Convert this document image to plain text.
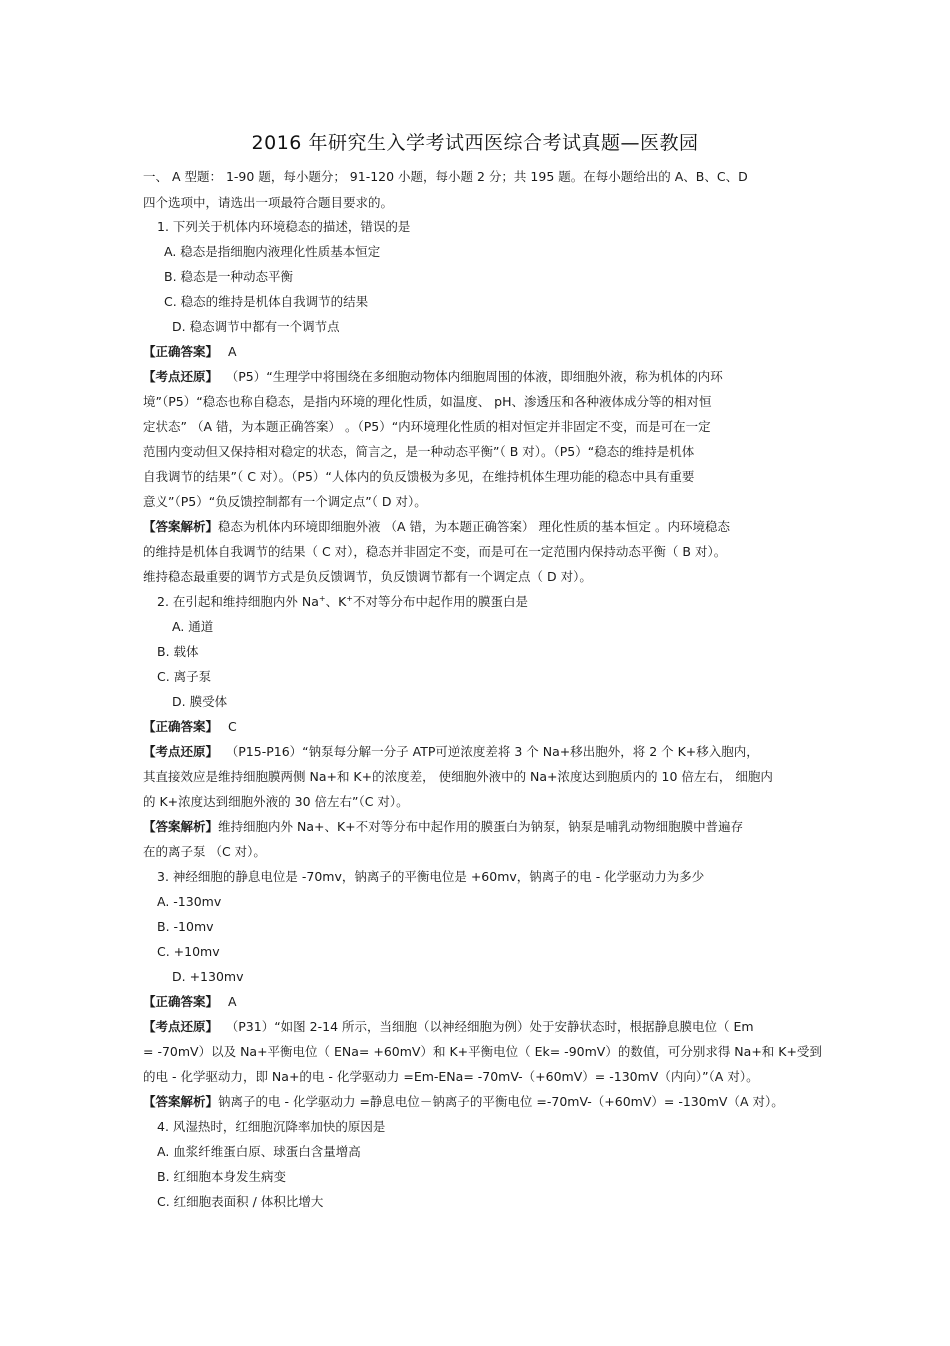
2016 年研究生入学考试西医综合考试真题—医教园
一、 A 型题： 1-90 题，每小题分； 91-120 小题，每小题 2 分；共 195 题。在每小题给出的 A、B、C、D
四个选项中，请选出一项最符合题目要求的。
1. 下列关于机体内环境稳态的描述，错误的是
A. 稳态是指细胞内液理化性质基本恒定
B. 稳态是一种动态平衡
C. 稳态的维持是机体自我调节的结果
D. 稳态调节中都有一个调节点
【正确答案】 A
【考点还原】 （P5）“生理学中将围绕在多细胞动物体内细胞周围的体液，即细胞外液，称为机体的内环
境”（P5）“稳态也称自稳态，是指内环境的理化性质，如温度、 pH、渗透压和各种液体成分等的相对恒
定状态” （A 错，为本题正确答案） 。（P5）“内环境理化性质的相对恒定并非固定不变，而是可在一定
范围内变动但又保持相对稳定的状态，简言之，是一种动态平衡”（ B 对）。（P5）“稳态的维持是机体
自我调节的结果”（ C 对）。（P5）“人体内的负反馈极为多见，在维持机体生理功能的稳态中具有重要
意义”（P5）“负反馈控制都有一个调定点”（ D 对）。
【答案解析】稳态为机体内环境即细胞外液 （A 错，为本题正确答案） 理化性质的基本恒定 。内环境稳态
的维持是机体自我调节的结果（ C 对），稳态并非固定不变，而是可在一定范围内保持动态平衡（ B 对）。
维持稳态最重要的调节方式是负反馈调节，负反馈调节都有一个调定点（ D 对）。
2. 在引起和维持细胞内外 Na+、K+不对等分布中起作用的膜蛋白是
A. 通道
B. 载体
C. 离子泵
D. 膜受体
【正确答案】 C
【考点还原】 （P15-P16）“钠泵每分解一分子 ATP可逆浓度差将 3 个 Na+移出胞外，将 2 个 K+移入胞内，
其直接效应是维持细胞膜两侧 Na+和 K+的浓度差， 使细胞外液中的 Na+浓度达到胞质内的 10 倍左右， 细胞内
的 K+浓度达到细胞外液的 30 倍左右”（C 对）。
【答案解析】维持细胞内外 Na+、K+不对等分布中起作用的膜蛋白为钠泵，钠泵是哺乳动物细胞膜中普遍存
在的离子泵 （C 对）。
3. 神经细胞的静息电位是 -70mv，钠离子的平衡电位是 +60mv，钠离子的电 - 化学驱动力为多少
A. -130mv
B. -10mv
C. +10mv
D. +130mv
【正确答案】 A
【考点还原】 （P31）“如图 2-14 所示，当细胞（以神经细胞为例）处于安静状态时，根据静息膜电位（ Em
= -70mV）以及 Na+平衡电位（ ENa= +60mV）和 K+平衡电位（ Ek= -90mV）的数值，可分别求得 Na+和 K+受到
的电 - 化学驱动力，即 Na+的电 - 化学驱动力 =Em-ENa= -70mV-（+60mV）= -130mV（内向）”（A 对）。
【答案解析】钠离子的电 - 化学驱动力 =静息电位－钠离子的平衡电位 =-70mV-（+60mV）= -130mV（A 对）。
4. 风湿热时，红细胞沉降率加快的原因是
A. 血浆纤维蛋白原、球蛋白含量增高
B. 红细胞本身发生病变
C. 红细胞表面积 / 体积比增大
